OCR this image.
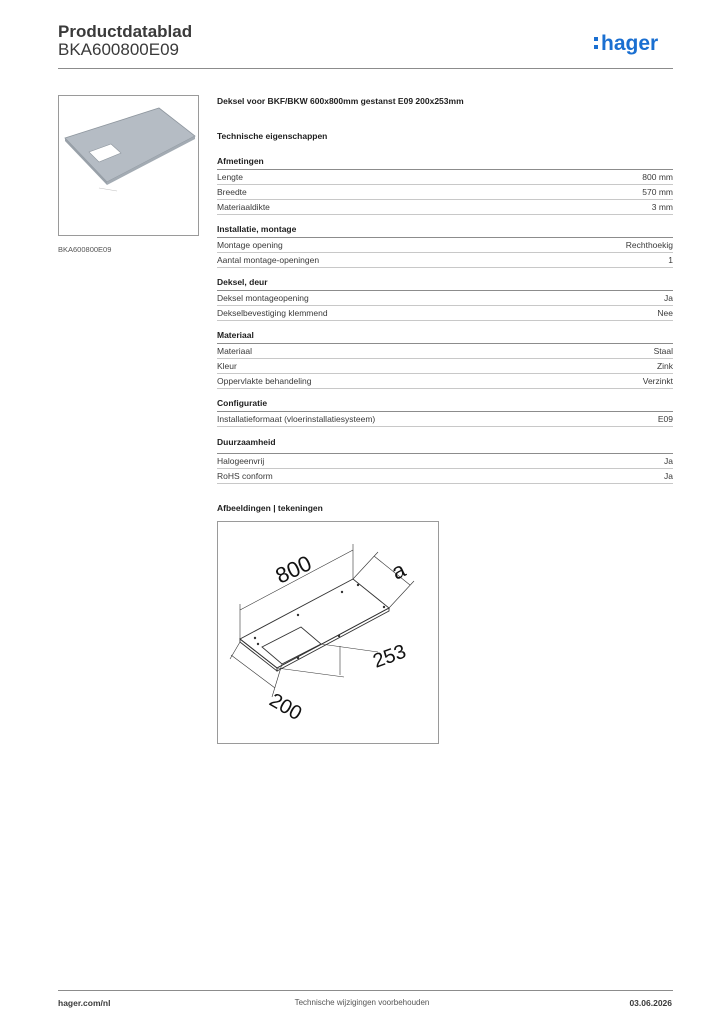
Productdatablad
BKA600800E09	hager
BKA600800E09
Deksel voor BKF/BKW 600x800mm gestanst E09 200x253mm
Technische eigenschappen
Afmetingen
Lengte	800 mm
Breedte	570 mm
Materiaaldikte	3 mm
Installatie, montage
Montage opening	Rechthoekig
Aantal montage-openingen	1
Deksel, deur
Deksel montageopening	Ja
Dekselbevestiging klemmend	Nee
Materiaal
Materiaal	Staal
Kleur	Zink
Oppervlakte behandeling	Verzinkt
Configuratie
Installatieformaat (vloerinstallatiesysteem)	E09
Duurzaamheid
Halogeenvrij	Ja
RoHS conform	Ja
Afbeeldingen | tekeningen
800	a
253
200
hager.com/nl	Technische wijzigingen voorbehouden	03.06.2026
